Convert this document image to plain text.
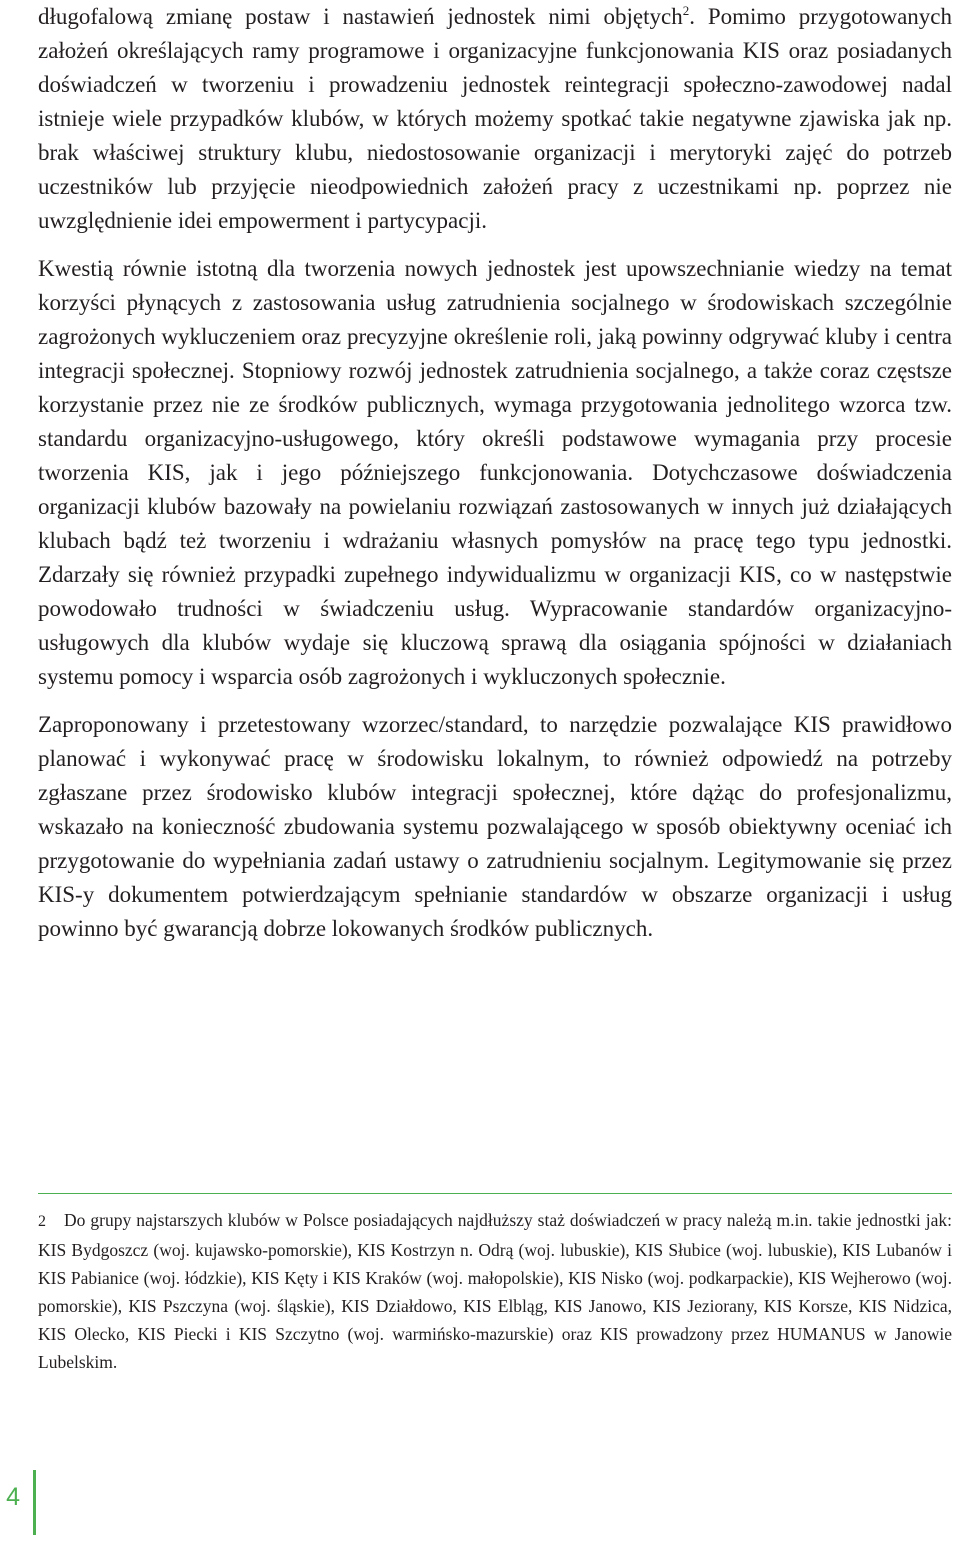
długofalową zmianę postaw i nastawień jednostek nimi objętych$^2$. Pomimo przygotowanych założeń określających ramy programowe i organizacyjne funkcjonowania KIS oraz posiadanych doświadczeń w tworzeniu i prowadzeniu jednostek reintegracji społeczno-zawodowej nadal istnieje wiele przypadków klubów, w których możemy spotkać takie negatywne zjawiska jak np. brak właściwej struktury klubu, niedostosowanie organizacji i merytoryki zajęć do potrzeb uczestników lub przyjęcie nieodpowiednich założeń pracy z uczestnikami np. poprzez nie uwzględnienie idei empowerment i partycypacji.

Kwestią równie istotną dla tworzenia nowych jednostek jest upowszechnianie wiedzy na temat korzyści płynących z zastosowania usług zatrudnienia socjalnego w środowiskach szczególnie zagrożonych wykluczeniem oraz precyzyjne określenie roli, jaką powinny odgrywać kluby i centra integracji społecznej. Stopniowy rozwój jednostek zatrudnienia socjalnego, a także coraz częstsze korzystanie przez nie ze środków publicznych, wymaga przygotowania jednolitego wzorca tzw. standardu organizacyjno-usługowego, który określi podstawowe wymagania przy procesie tworzenia KIS, jak i jego późniejszego funkcjonowania. Dotychczasowe doświadczenia organizacji klubów bazowały na powielaniu rozwiązań zastosowanych w innych już działających klubach bądź też tworzeniu i wdrażaniu własnych pomysłów na pracę tego typu jednostki. Zdarzały się również przypadki zupełnego indywidualizmu w organizacji KIS, co w następstwie powodowało trudności w świadczeniu usług. Wypracowanie standardów organizacyjno-usługowych dla klubów wydaje się kluczową sprawą dla osiągania spójności w działaniach systemu pomocy i wsparcia osób zagrożonych i wykluczonych społecznie.

Zaproponowany i przetestowany wzorzec/standard, to narzędzie pozwalające KIS prawidłowo planować i wykonywać pracę w środowisku lokalnym, to również odpowiedź na potrzeby zgłaszane przez środowisko klubów integracji społecznej, które dążąc do profesjonalizmu, wskazało na konieczność zbudowania systemu pozwalającego w sposób obiektywny oceniać ich przygotowanie do wypełniania zadań ustawy o zatrudnieniu socjalnym. Legitymowanie się przez KIS-y dokumentem potwierdzającym spełnianie standardów w obszarze organizacji i usług powinno być gwarancją dobrze lokowanych środków publicznych.

2 Do grupy najstarszych klubów w Polsce posiadających najdłuższy staż doświadczeń w pracy należą m.in. takie jednostki jak: KIS Bydgoszcz (woj. kujawsko-pomorskie), KIS Kostrzyn n. Odrą (woj. lubuskie), KIS Słubice (woj. lubuskie), KIS Lubanów i KIS Pabianice (woj. łódzkie), KIS Kęty i KIS Kraków (woj. małopolskie), KIS Nisko (woj. podkarpackie), KIS Wejherowo (woj. pomorskie), KIS Pszczyna (woj. śląskie), KIS Działdowo, KIS Elbląg, KIS Janowo, KIS Jeziorany, KIS Korsze, KIS Nidzica, KIS Olecko, KIS Piecki i KIS Szczytno (woj. warmińsko-mazurskie) oraz KIS prowadzony przez HUMANUS w Janowie Lubelskim.
4
